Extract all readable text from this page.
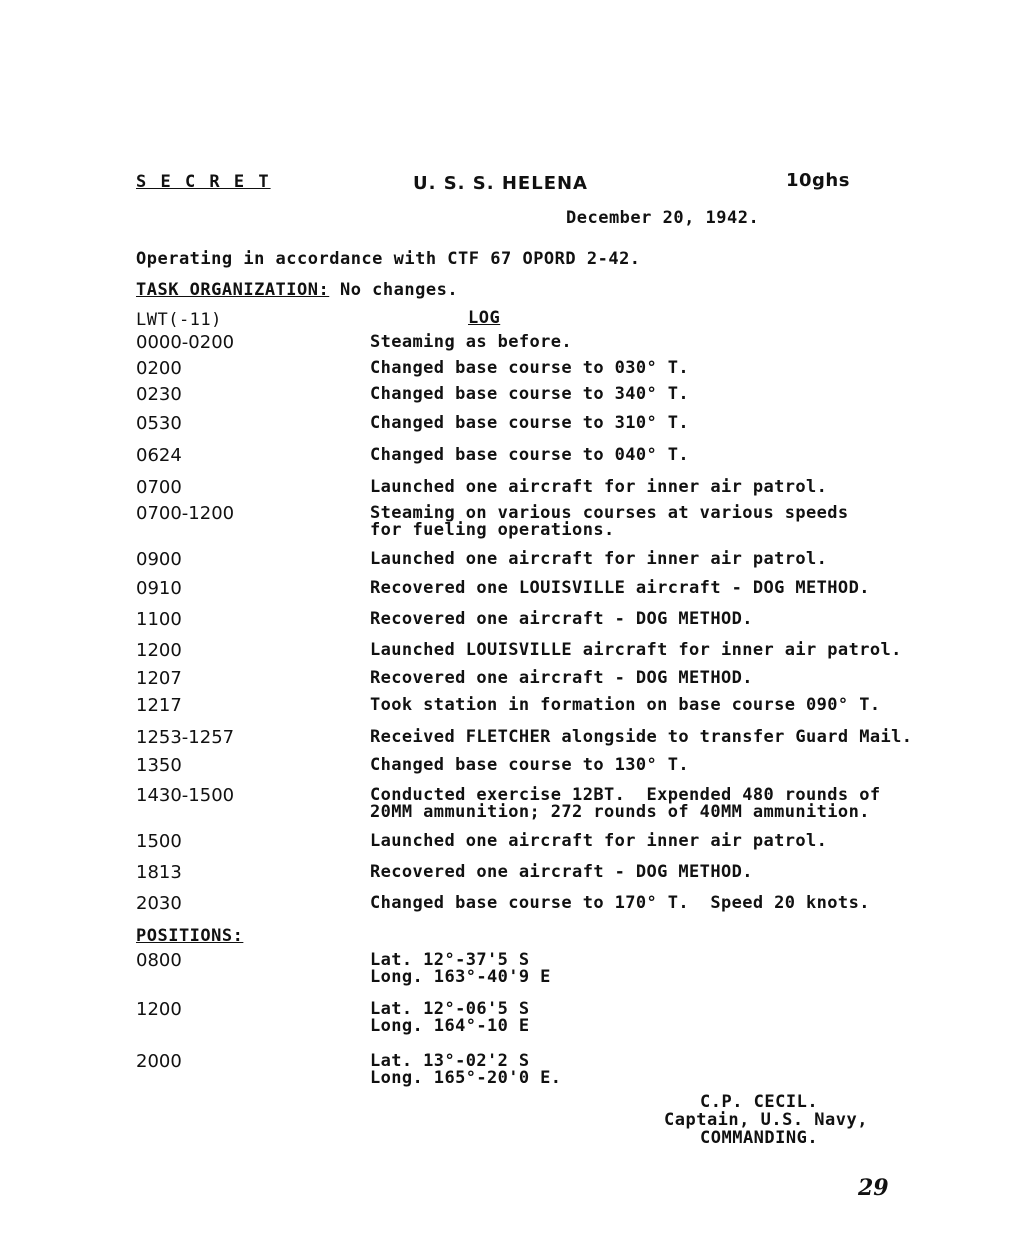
S E C R E T	U. S. S. HELENA	10ghs
December 20, 1942.
Operating in accordance with CTF 67 OPORD 2-42.
TASK ORGANIZATION: No changes.
LWT(-11)	LOG
0000-0200	Steaming as before.
0200	Changed base course to 030° T.
0230	Changed base course to 340° T.
0530	Changed base course to 310° T.
0624	Changed base course to 040° T.
0700	Launched one aircraft for inner air patrol.
0700-1200	Steaming on various courses at various speeds
for fueling operations.
0900	Launched one aircraft for inner air patrol.
0910	Recovered one LOUISVILLE aircraft - DOG METHOD.
1100	Recovered one aircraft - DOG METHOD.
1200	Launched LOUISVILLE aircraft for inner air patrol.
1207	Recovered one aircraft - DOG METHOD.
1217	Took station in formation on base course 090° T.
1253-1257	Received FLETCHER alongside to transfer Guard Mail.
1350	Changed base course to 130° T.
1430-1500	Conducted exercise 12BT.  Expended 480 rounds of
20MM ammunition; 272 rounds of 40MM ammunition.
1500	Launched one aircraft for inner air patrol.
1813	Recovered one aircraft - DOG METHOD.
2030	Changed base course to 170° T.  Speed 20 knots.
POSITIONS:
0800	Lat. 12°-37'5 S
Long. 163°-40'9 E
1200	Lat. 12°-06'5 S
Long. 164°-10 E
2000	Lat. 13°-02'2 S
Long. 165°-20'0 E.
C.P. CECIL.
Captain, U.S. Navy,
COMMANDING.
29
